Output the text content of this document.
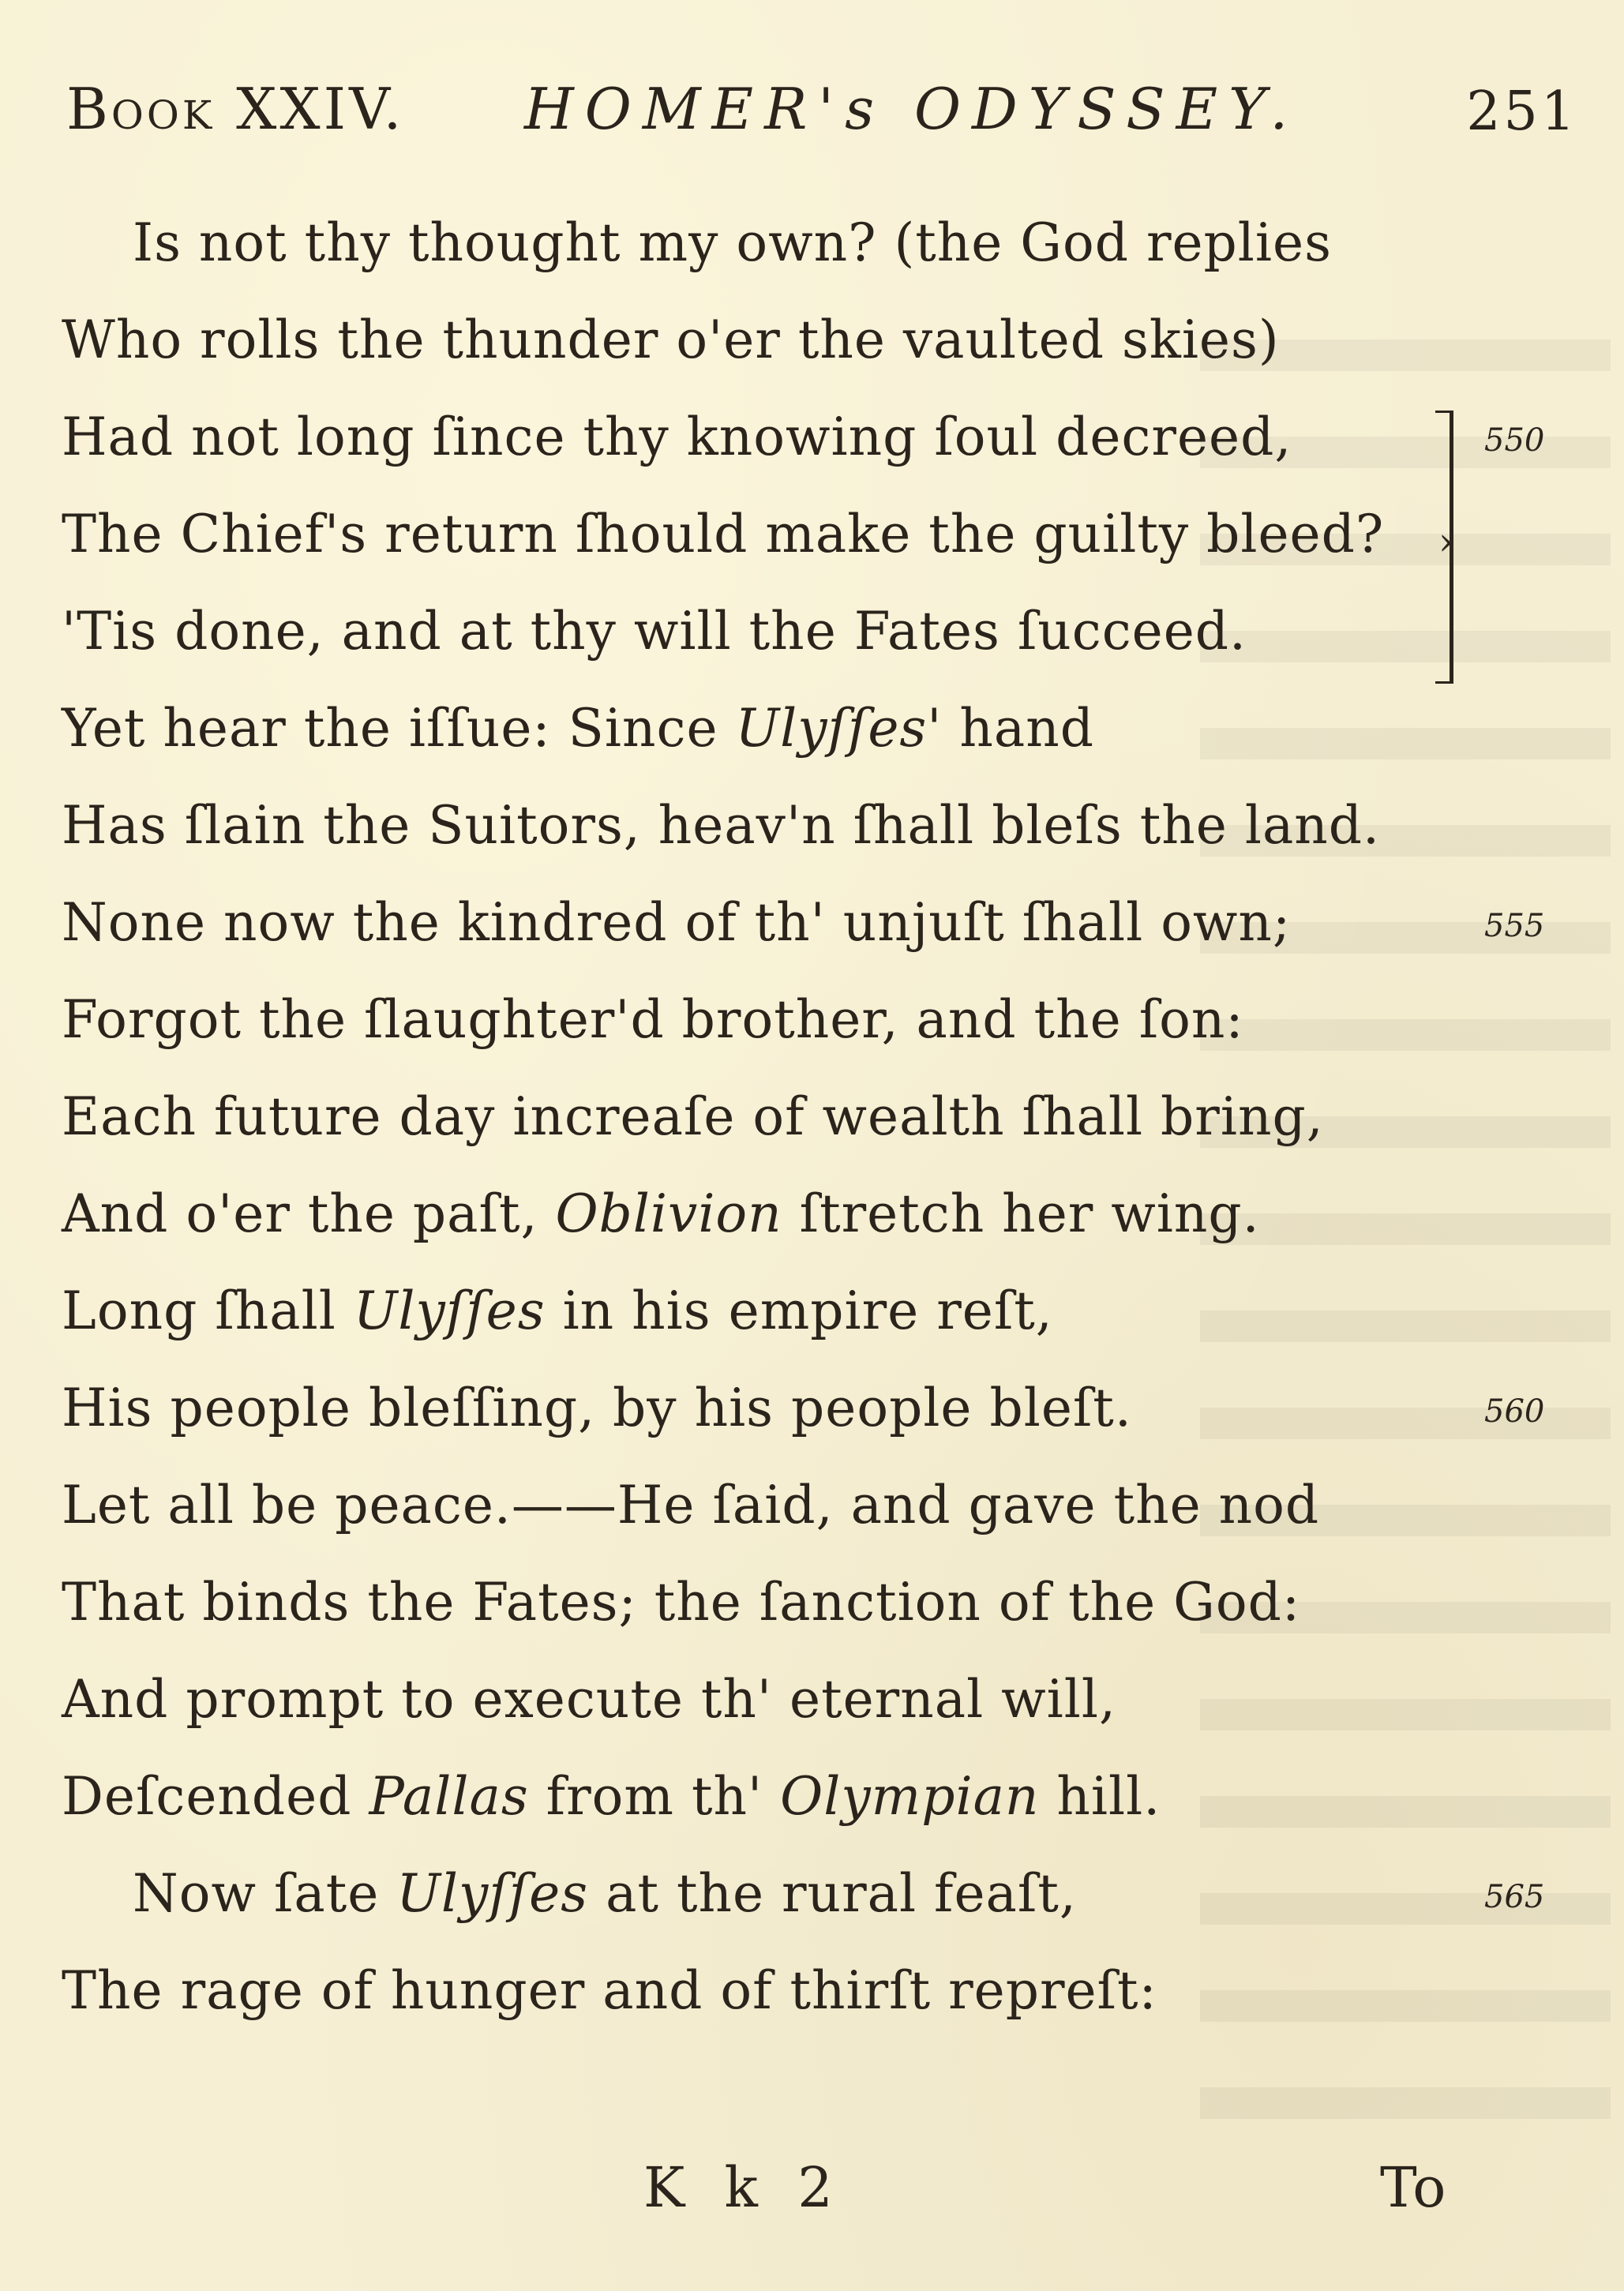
Book XXIV. HOMER's ODYSSEY.	251
Is not thy thought my own? (the God replies
Who rolls the thunder o'er the vaulted skies)
Had not long ſince thy knowing ſoul decreed,	550
The Chief's return ſhould make the guilty bleed?
'Tis done, and at thy will the Fates ſucceed.
Yet hear the iſſue: Since Ulyſſes' hand
Has ſlain the Suitors, heav'n ſhall bleſs the land.
None now the kindred of th' unjuſt ſhall own;	555
Forgot the ſlaughter'd brother, and the ſon:
Each future day increaſe of wealth ſhall bring,
And o'er the paſt, Oblivion ſtretch her wing.
Long ſhall Ulyſſes in his empire reſt,
His people bleſſing, by his people bleſt.	560
Let all be peace.——He ſaid, and gave the nod
That binds the Fates; the ſanction of the God:
And prompt to execute th' eternal will,
Deſcended Pallas from th' Olympian hill.
Now ſate Ulyſſes at the rural feaſt,	565
The rage of hunger and of thirſt repreſt:
›
K k 2	To
